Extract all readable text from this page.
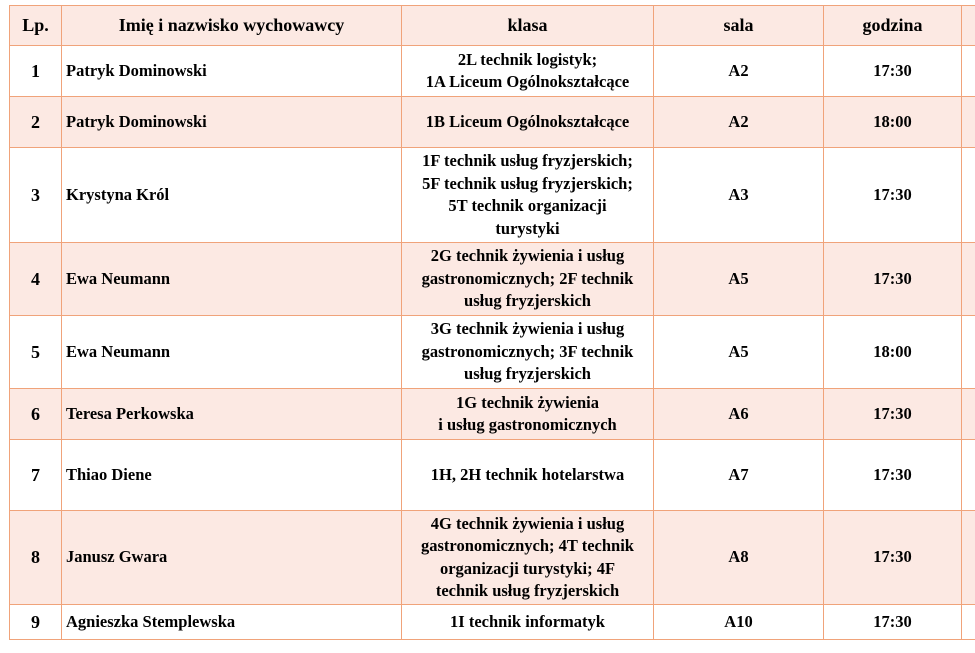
Lp.	Imię i nazwisko wychowawcy	klasa	sala	godzina	
1	Patryk Dominowski	2L technik logistyk;
1A Liceum Ogólnokształcące	A2	17:30	
2	Patryk Dominowski	1B Liceum Ogólnokształcące	A2	18:00	
3	Krystyna Król	1F technik usług fryzjerskich;
5F technik usług fryzjerskich;
5T technik organizacji
turystyki	A3	17:30	
4	Ewa Neumann	2G technik żywienia i usług
gastronomicznych; 2F technik
usług fryzjerskich	A5	17:30	
5	Ewa Neumann	3G technik żywienia i usług
gastronomicznych; 3F technik
usług fryzjerskich	A5	18:00	
6	Teresa Perkowska	1G technik żywienia
i usług gastronomicznych	A6	17:30	
7	Thiao Diene	1H, 2H technik hotelarstwa	A7	17:30	
8	Janusz Gwara	4G technik żywienia i usług
gastronomicznych; 4T technik
organizacji turystyki; 4F
technik usług fryzjerskich	A8	17:30	
9	Agnieszka Stemplewska	1I technik informatyk	A10	17:30	
